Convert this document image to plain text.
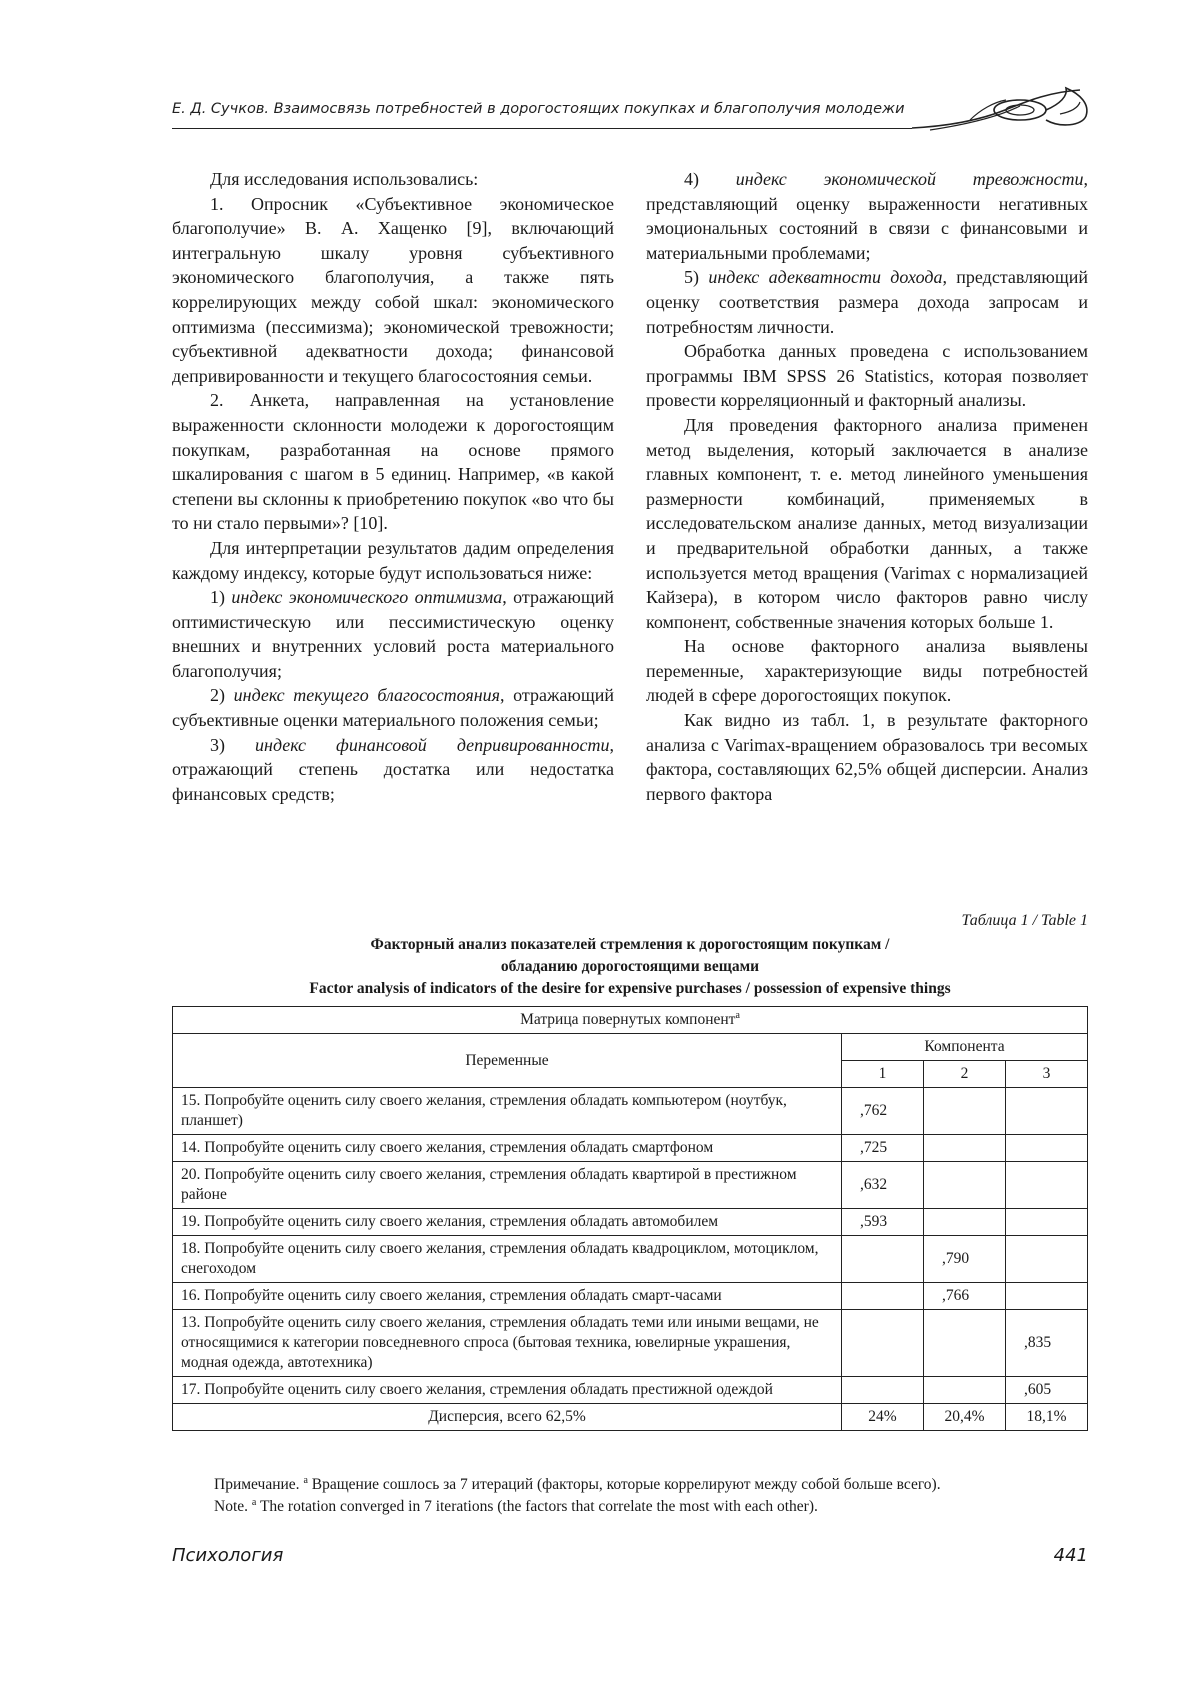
Е. Д. Сучков. Взаимосвязь потребностей в дорогостоящих покупках и благополучия молодежи

Для исследования использовались:

1. Опросник «Субъективное экономическое благополучие» В. А. Хащенко [9], включающий интегральную шкалу уровня субъективного экономического благополучия, а также пять коррелирующих между собой шкал: экономического оптимизма (пессимизма); экономической тревожности; субъективной адекватности дохода; финансовой деприви­рованности и текущего благосостояния семьи.

2. Анкета, направленная на установление выраженности склонности молодежи к дорогостоящим покупкам, разработанная на основе прямого шкалирования с шагом в 5 единиц. Например, «в какой степени вы склонны к приобретению покупок «во что бы то ни стало первыми»? [10].

Для интерпретации результатов дадим определения каждому индексу, которые будут использоваться ниже:

1) индекс экономического оптимизма, отражающий оптимистическую или пессимистическую оценку внешних и внутренних условий роста материального благополучия;

2) индекс текущего благосостояния, отражающий субъективные оценки материального положения семьи;

3) индекс финансовой депривированности, отражающий степень достатка или недостатка финансовых средств;

4) индекс экономической тревожности, представляющий оценку выраженности негативных эмоциональных состояний в связи с финансовыми и материальными проблемами;

5) индекс адекватности дохода, представляющий оценку соответствия размера дохода запросам и потребностям личности.

Обработка данных проведена с использованием программы IBM SPSS 26 Statistics, которая позволяет провести корреляционный и факторный анализы.

Для проведения факторного анализа применен метод выделения, который заключается в анализе главных компонент, т. е. метод линейного уменьшения размерности комбинаций, применяемых в исследовательском анализе данных, метод визуализации и предварительной обработки данных, а также используется метод вращения (Varimax с нормализацией Кайзера), в котором число факторов равно числу компонент, собственные значения которых больше 1.

На основе факторного анализа выявлены переменные, характеризующие виды потребностей людей в сфере дорогостоящих покупок.

Как видно из табл. 1, в результате факторного анализа с Varimax-вращением образовалось три весомых фактора, составляющих 62,5% общей дисперсии. Анализ первого фактора

Таблица 1 / Table 1
Факторный анализ показателей стремления к дорогостоящим покупкам /
обладанию дорогостоящими вещами
Factor analysis of indicators of the desire for expensive purchases / possession of expensive things
Матрица повернутых компонентa
Переменные	Компонента
1	2	3
15. Попробуйте оценить силу своего желания, стремления обладать компьютером (ноутбук, планшет)	,762		
14. Попробуйте оценить силу своего желания, стремления обладать смартфоном	,725		
20. Попробуйте оценить силу своего желания, стремления обладать квартирой в престижном районе	,632		
19. Попробуйте оценить силу своего желания, стремления обладать автомобилем	,593		
18. Попробуйте оценить силу своего желания, стремления обладать квадроциклом, мотоциклом, снегоходом		,790	
16. Попробуйте оценить силу своего желания, стремления обладать смарт-часами		,766	
13. Попробуйте оценить силу своего желания, стремления обладать теми или иными вещами, не относящимися к категории повседневного спроса (бытовая техника, ювелирные украшения, модная одежда, автотехника)			,835
17. Попробуйте оценить силу своего желания, стремления обладать престижной одеждой			,605
Дисперсия, всего 62,5%	24%	20,4%	18,1%
Примечание. a Вращение сошлось за 7 итераций (факторы, которые коррелируют между собой больше всего).
Note. a The rotation converged in 7 iterations (the factors that correlate the most with each other).
Психология	441
